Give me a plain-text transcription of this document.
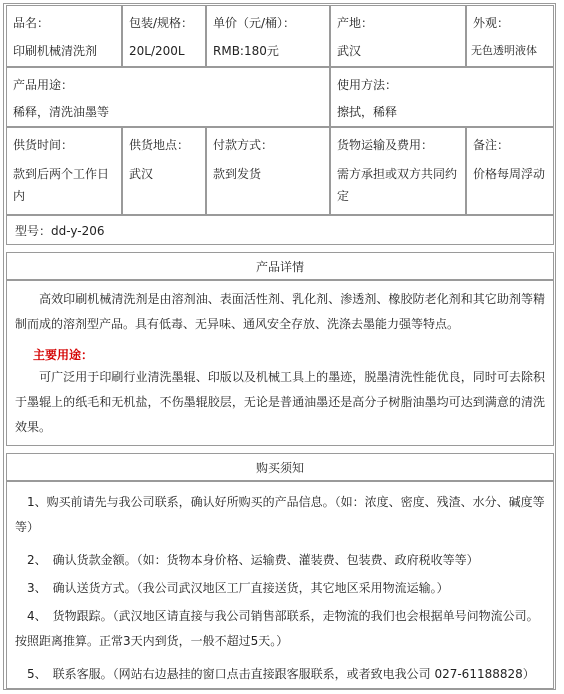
品名：
印刷机械清洗剂
包装/规格：
20L/200L
单价（元/桶）：
RMB:180元
产地：
武汉
外观：
无色透明液体
产品用途：
稀释，清洗油墨等
使用方法：
擦拭，稀释
供货时间：
款到后两个工作日内
供货地点：
武汉
付款方式：
款到发货
货物运输及费用：
需方承担或双方共同约定
备注：
价格每周浮动
型号：dd-y-206
产品详情
　　高效印刷机械清洗剂是由溶剂油、表面活性剂、乳化剂、渗透剂、橡胶防老化剂和其它助剂等精制而成的溶剂型产品。具有低毒、无异味、通风安全存放、洗涤去墨能力强等特点。
主要用途：
　　可广泛用于印刷行业清洗墨辊、印版以及机械工具上的墨迹，脱墨清洗性能优良，同时可去除积于墨辊上的纸毛和无机盐，不伤墨辊胶层，无论是普通油墨还是高分子树脂油墨均可达到满意的清洗效果。
购买须知
　1、购买前请先与我公司联系，确认好所购买的产品信息。（如：浓度、密度、残渣、水分、碱度等等）
　2、　确认货款金额。（如：货物本身价格、运输费、灌装费、包装费、政府税收等等）
　3、　确认送货方式。（我公司武汉地区工厂直接送货，其它地区采用物流运输。）
　4、　货物跟踪。（武汉地区请直接与我公司销售部联系，走物流的我们也会根据单号问物流公司。按照距离推算。正常3天内到货，一般不超过5天。）
　5、　联系客服。（网站右边悬挂的窗口点击直接跟客服联系，或者致电我公司 027-61188828）
